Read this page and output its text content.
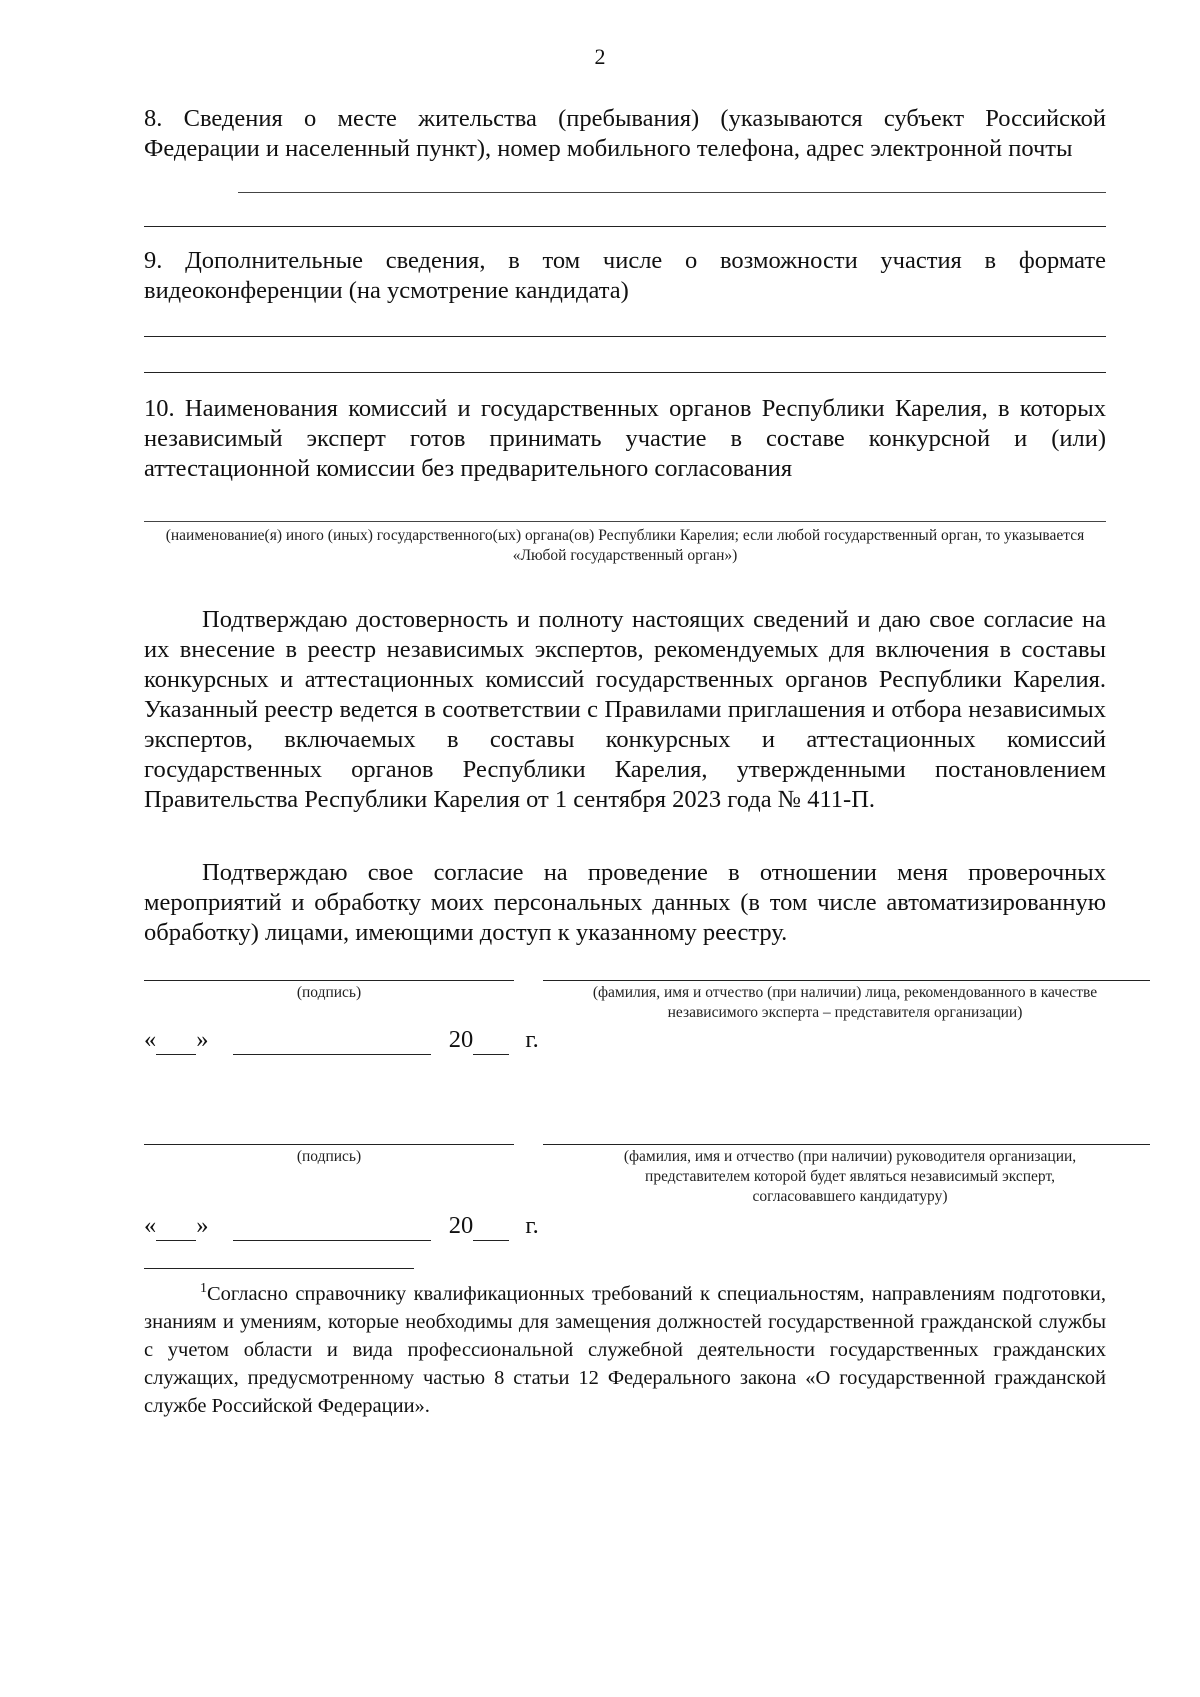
2
8. Сведения о месте жительства (пребывания) (указываются субъект Российской Федерации и населенный пункт), номер мобильного телефона, адрес электронной почты
9. Дополнительные сведения, в том числе о возможности участия в формате видеоконференции (на усмотрение кандидата)
10. Наименования комиссий и государственных органов Республики Карелия, в которых независимый эксперт готов принимать участие в составе конкурсной и (или) аттестационной комиссии без предварительного согласования
(наименование(я) иного (иных) государственного(ых) органа(ов) Республики Карелия; если любой государственный орган, то указывается «Любой государственный орган»)
Подтверждаю достоверность и полноту настоящих сведений и даю свое согласие на их внесение в реестр независимых экспертов, рекомендуемых для включения в составы конкурсных и аттестационных комиссий государственных органов Республики Карелия. Указанный реестр ведется в соответствии с Правилами приглашения и отбора независимых экспертов, включаемых в составы конкурсных и аттестационных комиссий государственных органов Республики Карелия, утвержденными постановлением Правительства Республики Карелия от 1 сентября 2023 года № 411-П.
Подтверждаю свое согласие на проведение в отношении меня проверочных мероприятий и обработку моих персональных данных (в том числе автоматизированную обработку) лицами, имеющими доступ к указанному реестру.
(подпись)	(фамилия, имя и отчество (при наличии) лица, рекомендованного в качестве независимого эксперта – представителя организации)
« »	20 г.
(подпись)	(фамилия, имя и отчество (при наличии) руководителя организации, представителем которой будет являться независимый эксперт, согласовавшего кандидатуру)
« »	20 г.
$^1$Согласно справочнику квалификационных требований к специальностям, направлениям подготовки, знаниям и умениям, которые необходимы для замещения должностей государственной гражданской службы с учетом области и вида профессиональной служебной деятельности государственных гражданских служащих, предусмотренному частью 8 статьи 12 Федерального закона «О государственной гражданской службе Российской Федерации».
